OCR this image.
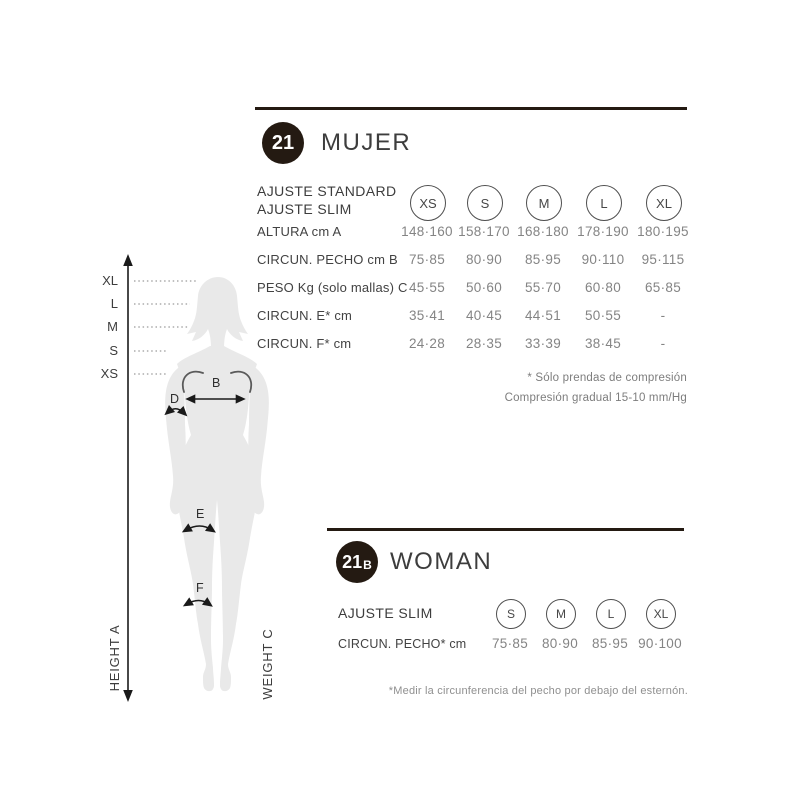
XL
L
M
S
XS
B
D
E
F
HEIGHT A	WEIGHT C
21 MUJER
AJUSTE STANDARD
AJUSTE SLIM	XS	S	M	L	XL
ALTURA cm A	148·160 158·170 168·180 178·190 180·195
CIRCUN. PECHO cm B 75·85	80·90	85·95	90·110	95·115
PESO Kg (solo mallas) C 45·55	50·60	55·70	60·80	65·85
CIRCUN. E* cm	35·41	40·45	44·51	50·55	-
CIRCUN. F* cm	24·28	28·35	33·39	38·45	-
* Sólo prendas de compresión
Compresión gradual 15-10 mm/Hg
21 B WOMAN
AJUSTE SLIM	S	M	L	XL
CIRCUN. PECHO* cm	75·85	80·90	85·95 90·100
*Medir la circunferencia del pecho por debajo del esternón.
